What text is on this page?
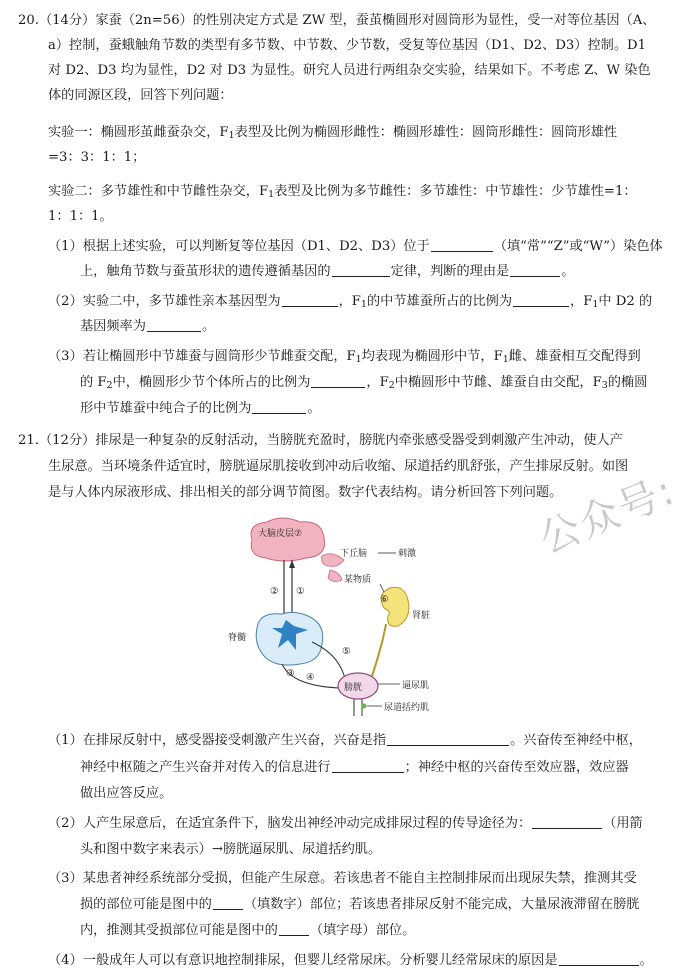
公众号:
20.（14分）家蚕（2n=56）的性别决定方式是 ZW 型，蚕茧椭圆形对圆筒形为显性，受一对等位基因（A、
a）控制，蚕蛾触角节数的类型有多节数、中节数、少节数，受复等位基因（D1、D2、D3）控制。D1
对 D2、D3 均为显性，D2 对 D3 为显性。研究人员进行两组杂交实验，结果如下。不考虑 Z、W 染色
体的同源区段，回答下列问题：
实验一：椭圆形茧雌蚕杂交，$F_1$表型及比例为椭圆形雌性：椭圆形雄性：圆筒形雌性：圆筒形雄性
=3：3：1：1；
实验二：多节雄性和中节雌性杂交，$F_1$表型及比例为多节雌性：多节雄性：中节雄性：少节雄性=1：
1：1：1。
（1）根据上述实验，可以判断复等位基因（D1、D2、D3）位于	（填“常”“Z”或“W”）染色体
上，触角节数与蚕茧形状的遗传遵循基因的	定律，判断的理由是	。
（2）实验二中，多节雄性亲本基因型为	，$F_1$的中节雄蚕所占的比例为	，$F_1$中 D2 的
基因频率为	。
（3）若让椭圆形中节雄蚕与圆筒形少节雌蚕交配，$F_1$均表现为椭圆形中节，$F_1$雌、雄蚕相互交配得到
的 $F_2$中，椭圆形少节个体所占的比例为	，$F_2$中椭圆形中节雌、雄蚕自由交配，$F_3$的椭圆
形中节雄蚕中纯合子的比例为	。
21.（12分）排尿是一种复杂的反射活动，当膀胱充盈时，膀胱内牵张感受器受到刺激产生冲动，使人产
生尿意。当环境条件适宜时，膀胱逼尿肌接收到冲动后收缩、尿道括约肌舒张，产生排尿反射。如图
是与人体内尿液形成、排出相关的部分调节简图。数字代表结构。请分析回答下列问题。
大脑皮层⑦
下丘脑	刺激
某物质
② ①
脊髓
③
肾脏
⑥
⑤
④
膀胱	逼尿肌
尿道括约肌
（1）在排尿反射中，感受器接受刺激产生兴奋，兴奋是指	。兴奋传至神经中枢，
神经中枢随之产生兴奋并对传入的信息进行	；神经中枢的兴奋传至效应器，效应器
做出应答反应。
（2）人产生尿意后，在适宜条件下，脑发出神经冲动完成排尿过程的传导途径为：	（用箭
头和图中数字来表示）→膀胱逼尿肌、尿道括约肌。
（3）某患者神经系统部分受损，但能产生尿意。若该患者不能自主控制排尿而出现尿失禁，推测其受
损的部位可能是图中的 （填数字）部位；若该患者排尿反射不能完成，大量尿液滞留在膀胱
内，推测其受损部位可能是图中的 （填字母）部位。
（4）一般成年人可以有意识地控制排尿，但婴儿经常尿床。分析婴儿经常尿床的原因是	。
